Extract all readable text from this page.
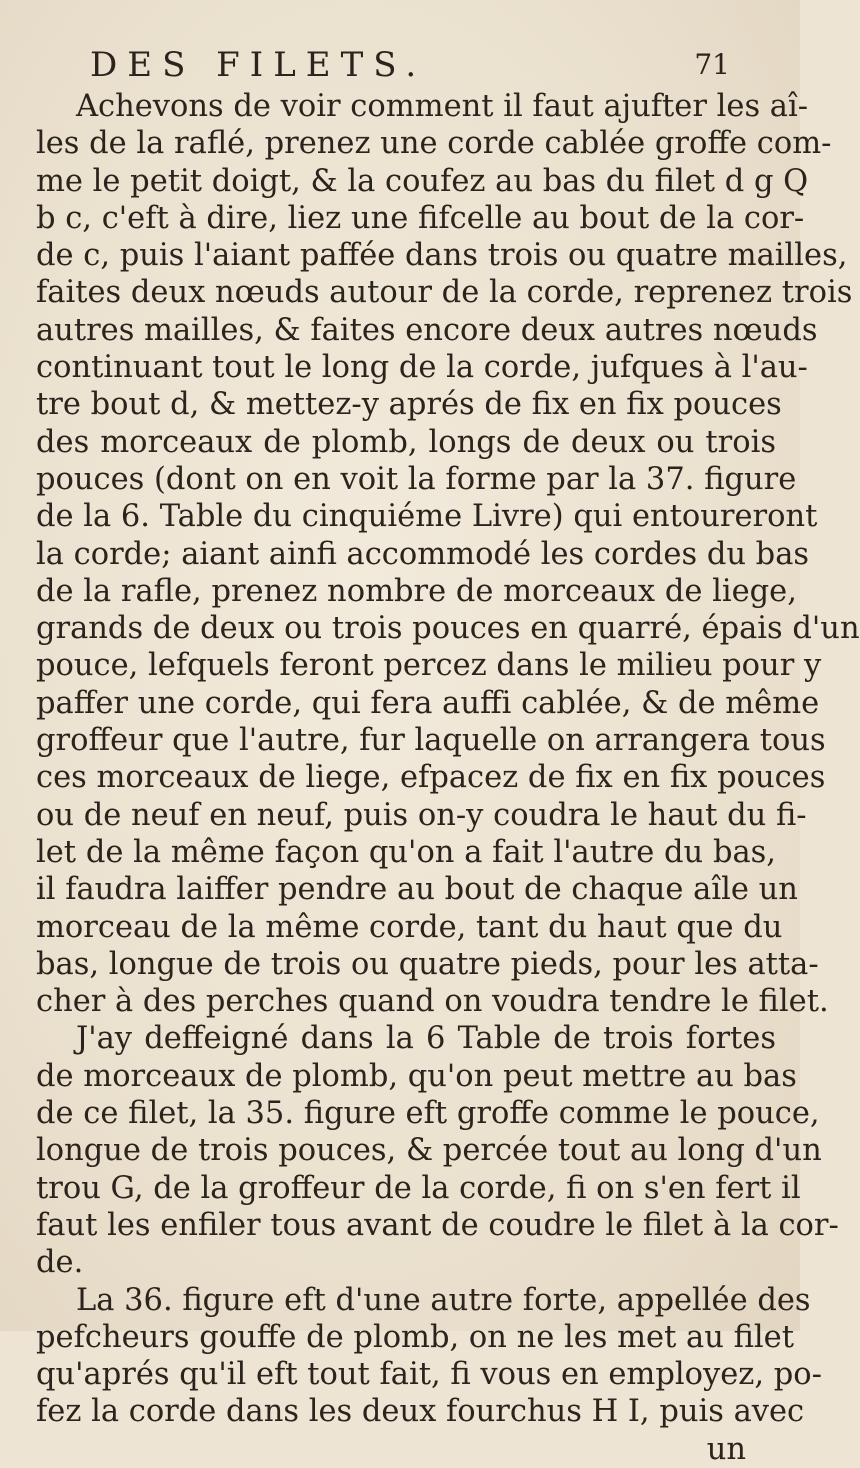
DES FILETS.	71
Achevons de voir comment il faut ajufter les aî-
les de la raflé, prenez une corde cablée groffe com-
me le petit doigt, & la coufez au bas du filet d g Q
b c, c'eft à dire, liez une fifcelle au bout de la cor-
de c, puis l'aiant paffée dans trois ou quatre mailles,
faites deux nœuds autour de la corde, reprenez trois
autres mailles, & faites encore deux autres nœuds
continuant tout le long de la corde, jufques à l'au-
tre bout d, & mettez-y aprés de fix en fix pouces
des morceaux de plomb, longs de deux ou trois
pouces (dont on en voit la forme par la 37. figure
de la 6. Table du cinquiéme Livre) qui entoureront
la corde; aiant ainfi accommodé les cordes du bas
de la rafle, prenez nombre de morceaux de liege,
grands de deux ou trois pouces en quarré, épais d'un
pouce, lefquels feront percez dans le milieu pour y
paffer une corde, qui fera auffi cablée, & de même
groffeur que l'autre, fur laquelle on arrangera tous
ces morceaux de liege, efpacez de fix en fix pouces
ou de neuf en neuf, puis on-y coudra le haut du fi-
let de la même façon qu'on a fait l'autre du bas,
il faudra laiffer pendre au bout de chaque aîle un
morceau de la même corde, tant du haut que du
bas, longue de trois ou quatre pieds, pour les atta-
cher à des perches quand on voudra tendre le filet.
J'ay deffeigné dans la 6 Table de trois fortes
de morceaux de plomb, qu'on peut mettre au bas
de ce filet, la 35. figure eft groffe comme le pouce,
longue de trois pouces, & percée tout au long d'un
trou G, de la groffeur de la corde, fi on s'en fert il
faut les enfiler tous avant de coudre le filet à la cor-
de.
La 36. figure eft d'une autre forte, appellée des
pefcheurs gouffe de plomb, on ne les met au filet
qu'aprés qu'il eft tout fait, fi vous en employez, po-
fez la corde dans les deux fourchus H I, puis avec
un
